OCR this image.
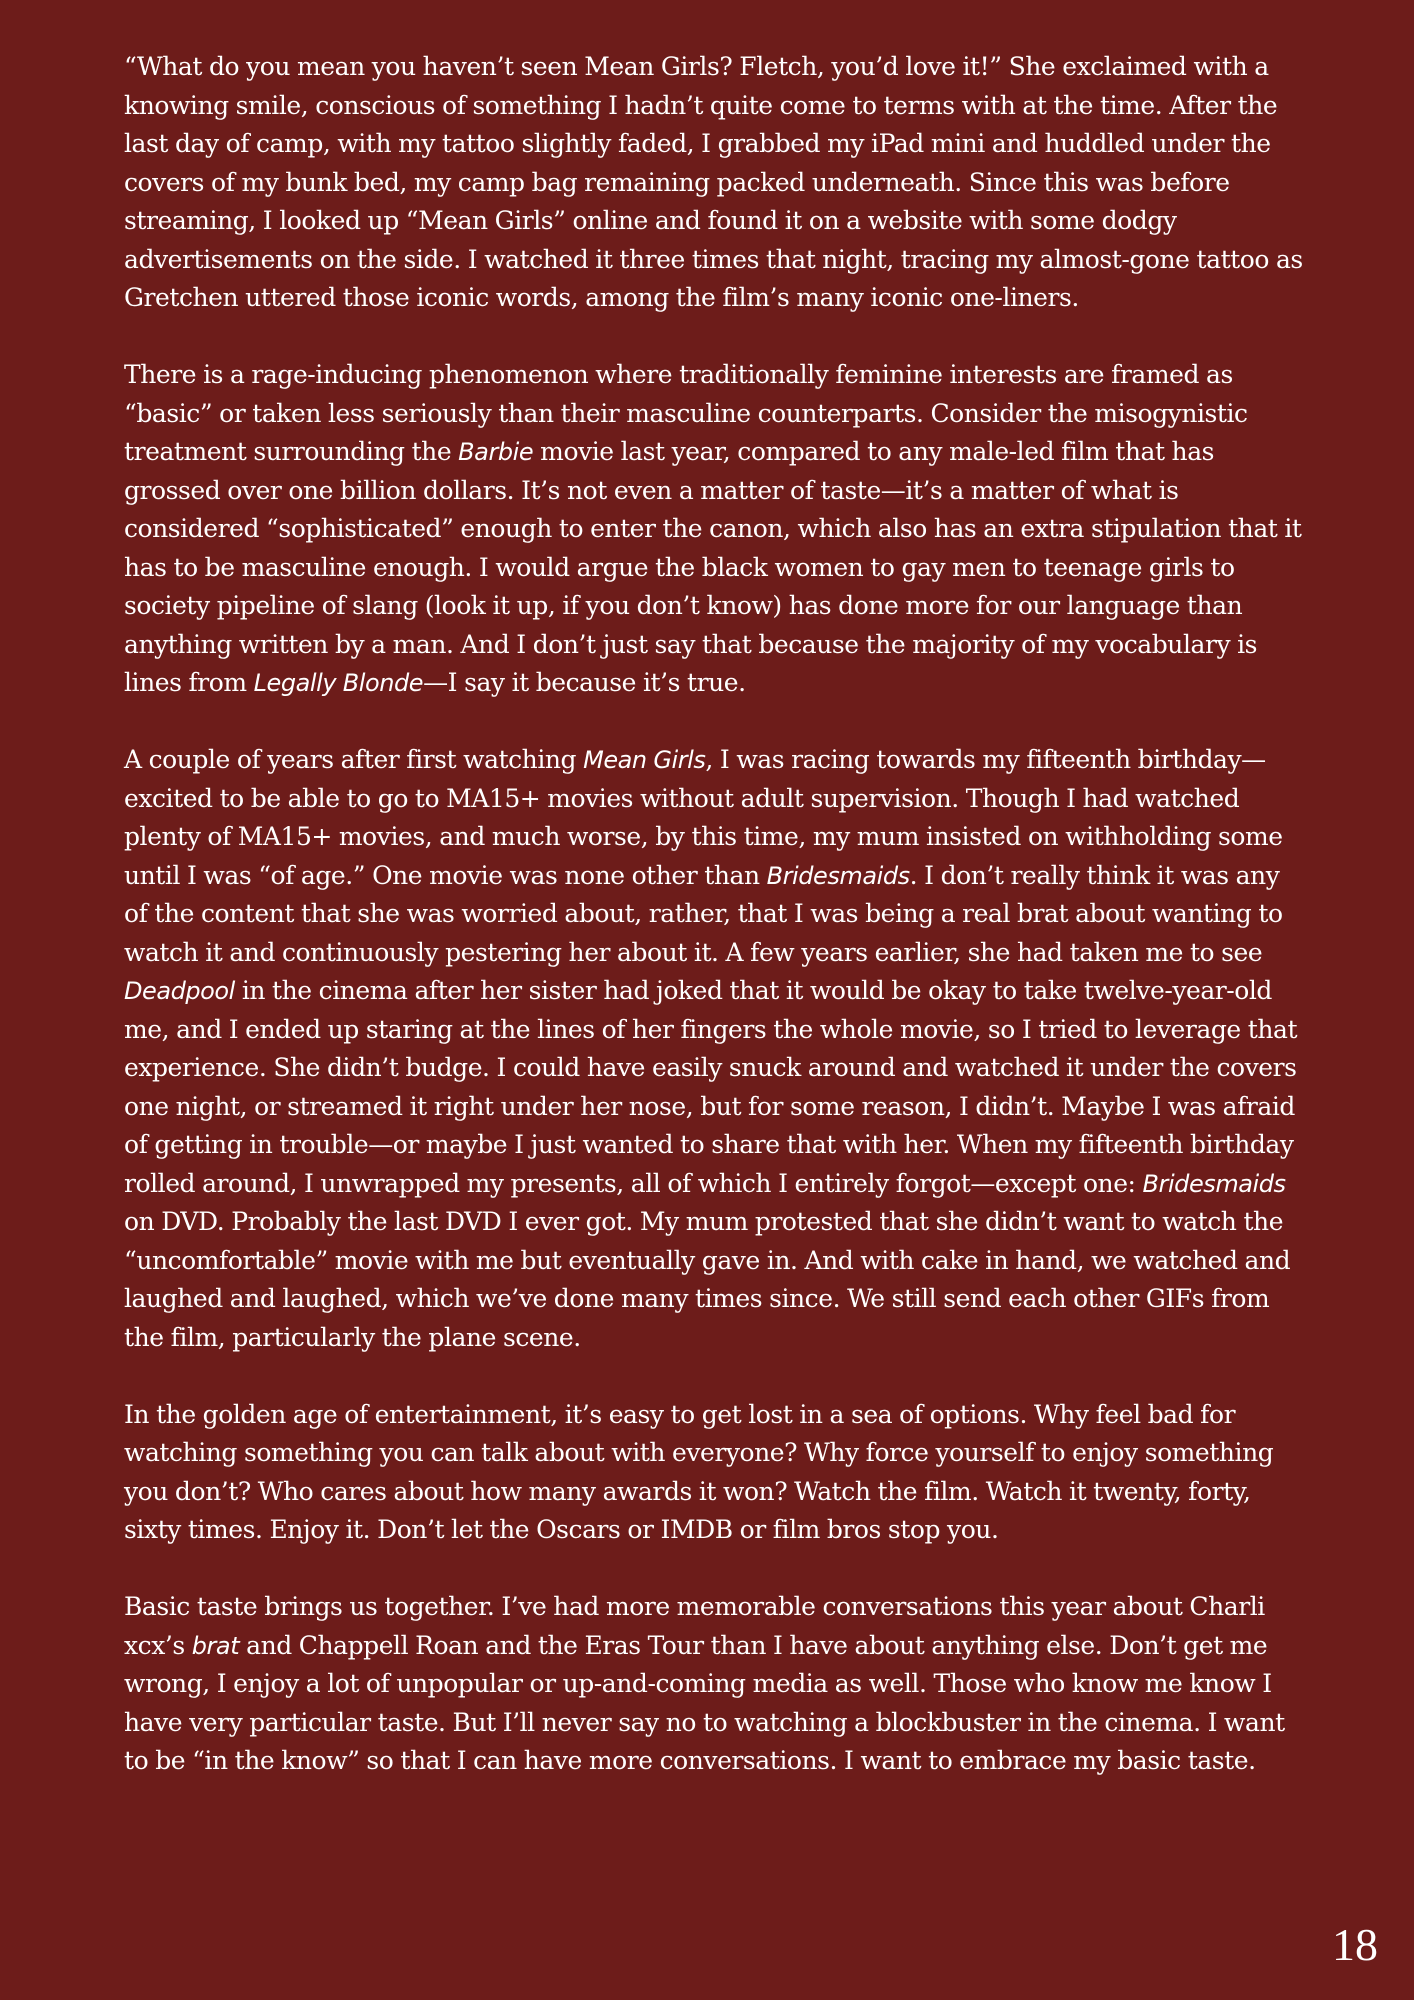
“What do you mean you haven’t seen Mean Girls? Fletch, you’d love it!” She exclaimed with a knowing smile, conscious of something I hadn’t quite come to terms with at the time. After the last day of camp, with my tattoo slightly faded, I grabbed my iPad mini and huddled under the covers of my bunk bed, my camp bag remaining packed underneath. Since this was before streaming, I looked up “Mean Girls” online and found it on a website with some dodgy advertisements on the side. I watched it three times that night, tracing my almost-gone tattoo as Gretchen uttered those iconic words, among the film’s many iconic one-liners.

There is a rage-inducing phenomenon where traditionally feminine interests are framed as “basic” or taken less seriously than their masculine counterparts. Consider the misogynistic treatment surrounding the Barbie movie last year, compared to any male-led film that has grossed over one billion dollars. It’s not even a matter of taste—it’s a matter of what is considered “sophisticated” enough to enter the canon, which also has an extra stipulation that it has to be masculine enough. I would argue the black women to gay men to teenage girls to society pipeline of slang (look it up, if you don’t know) has done more for our language than anything written by a man. And I don’t just say that because the majority of my vocabulary is lines from Legally Blonde—I say it because it’s true.

A couple of years after first watching Mean Girls, I was racing towards my fifteenth birthday—excited to be able to go to MA15+ movies without adult supervision. Though I had watched plenty of MA15+ movies, and much worse, by this time, my mum insisted on withholding some until I was “of age.” One movie was none other than Bridesmaids. I don’t really think it was any of the content that she was worried about, rather, that I was being a real brat about wanting to watch it and continuously pestering her about it. A few years earlier, she had taken me to see Deadpool in the cinema after her sister had joked that it would be okay to take twelve-year-old me, and I ended up staring at the lines of her fingers the whole movie, so I tried to leverage that experience. She didn’t budge. I could have easily snuck around and watched it under the covers one night, or streamed it right under her nose, but for some reason, I didn’t. Maybe I was afraid of getting in trouble—or maybe I just wanted to share that with her. When my fifteenth birthday rolled around, I unwrapped my presents, all of which I entirely forgot—except one: Bridesmaids on DVD. Probably the last DVD I ever got. My mum protested that she didn’t want to watch the “uncomfortable” movie with me but eventually gave in. And with cake in hand, we watched and laughed and laughed, which we’ve done many times since. We still send each other GIFs from the film, particularly the plane scene.

In the golden age of entertainment, it’s easy to get lost in a sea of options. Why feel bad for watching something you can talk about with everyone? Why force yourself to enjoy something you don’t? Who cares about how many awards it won? Watch the film. Watch it twenty, forty, sixty times. Enjoy it. Don’t let the Oscars or IMDB or film bros stop you.

Basic taste brings us together. I’ve had more memorable conversations this year about Charli xcx’s brat and Chappell Roan and the Eras Tour than I have about anything else. Don’t get me wrong, I enjoy a lot of unpopular or up-and-coming media as well. Those who know me know I have very particular taste. But I’ll never say no to watching a blockbuster in the cinema. I want to be “in the know” so that I can have more conversations. I want to embrace my basic taste.

18
